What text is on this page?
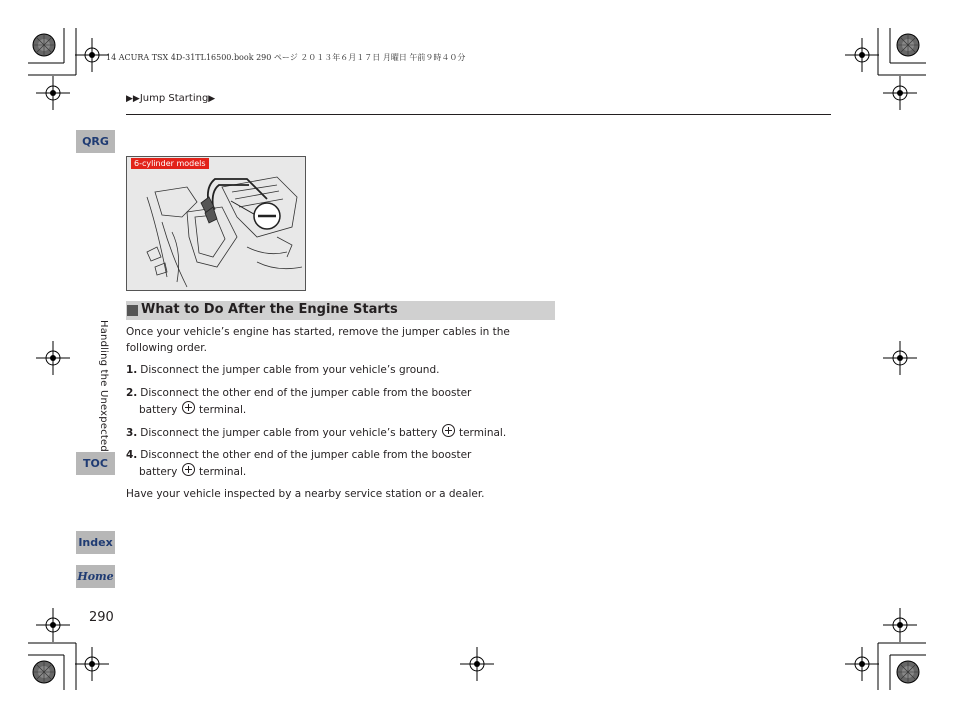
14 ACURA TSX 4D-31TL16500.book 290 ページ ２０１３年６月１７日 月曜日 午前９時４０分
▶▶Jump Starting▶
QRG
Handling the Unexpected
TOC
Index
Home
6-cylinder models
What to Do After the Engine Starts
Once your vehicle’s engine has started, remove the jumper cables in the
following order.
1. Disconnect the jumper cable from your vehicle’s ground.
2. Disconnect the other end of the jumper cable from the booster
battery terminal.
3. Disconnect the jumper cable from your vehicle’s battery terminal.
4. Disconnect the other end of the jumper cable from the booster
battery terminal.
Have your vehicle inspected by a nearby service station or a dealer.
290
